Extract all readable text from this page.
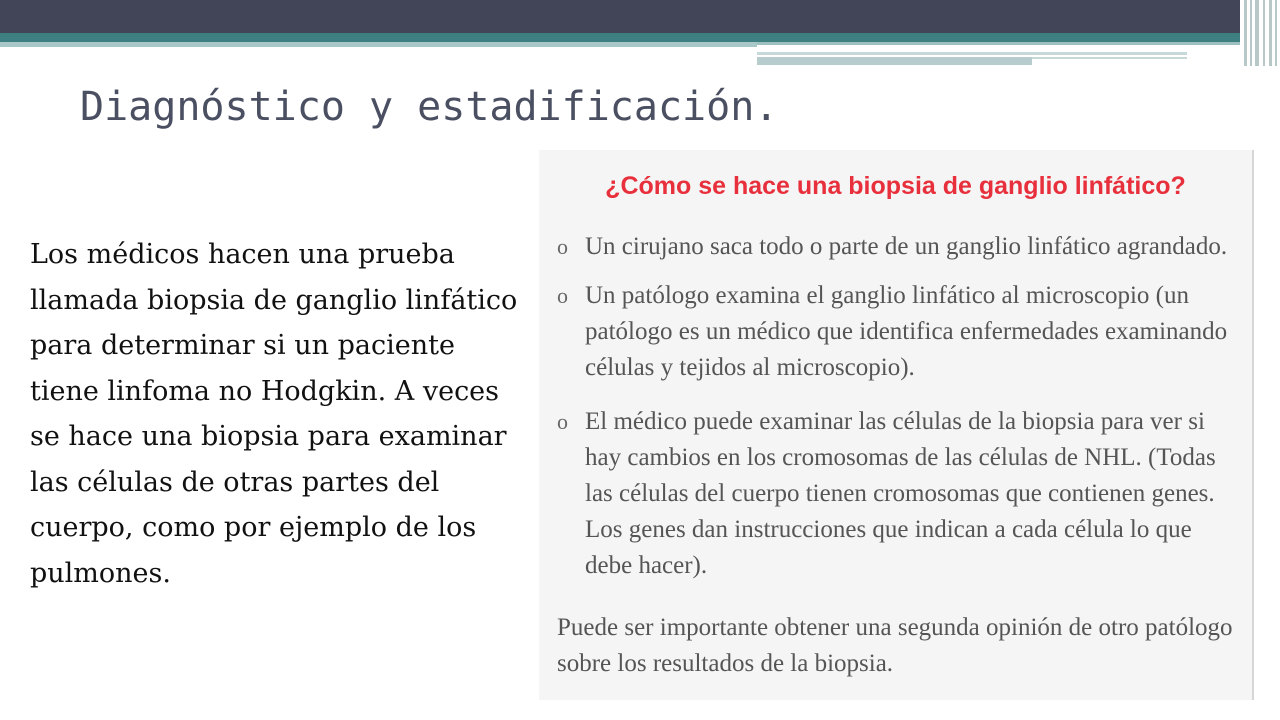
Diagnóstico y estadificación.
Los médicos hacen una prueba llamada biopsia de ganglio linfático para determinar si un paciente tiene linfoma no Hodgkin. A veces se hace una biopsia para examinar las células de otras partes del cuerpo, como por ejemplo de los pulmones.
¿Cómo se hace una biopsia de ganglio linfático?
o Un cirujano saca todo o parte de un ganglio linfático agrandado.
o Un patólogo examina el ganglio linfático al microscopio (un patólogo es un médico que identifica enfermedades examinando células y tejidos al microscopio).
o El médico puede examinar las células de la biopsia para ver si hay cambios en los cromosomas de las células de NHL. (Todas las células del cuerpo tienen cromosomas que contienen genes. Los genes dan instrucciones que indican a cada célula lo que debe hacer).
Puede ser importante obtener una segunda opinión de otro patólogo sobre los resultados de la biopsia.
